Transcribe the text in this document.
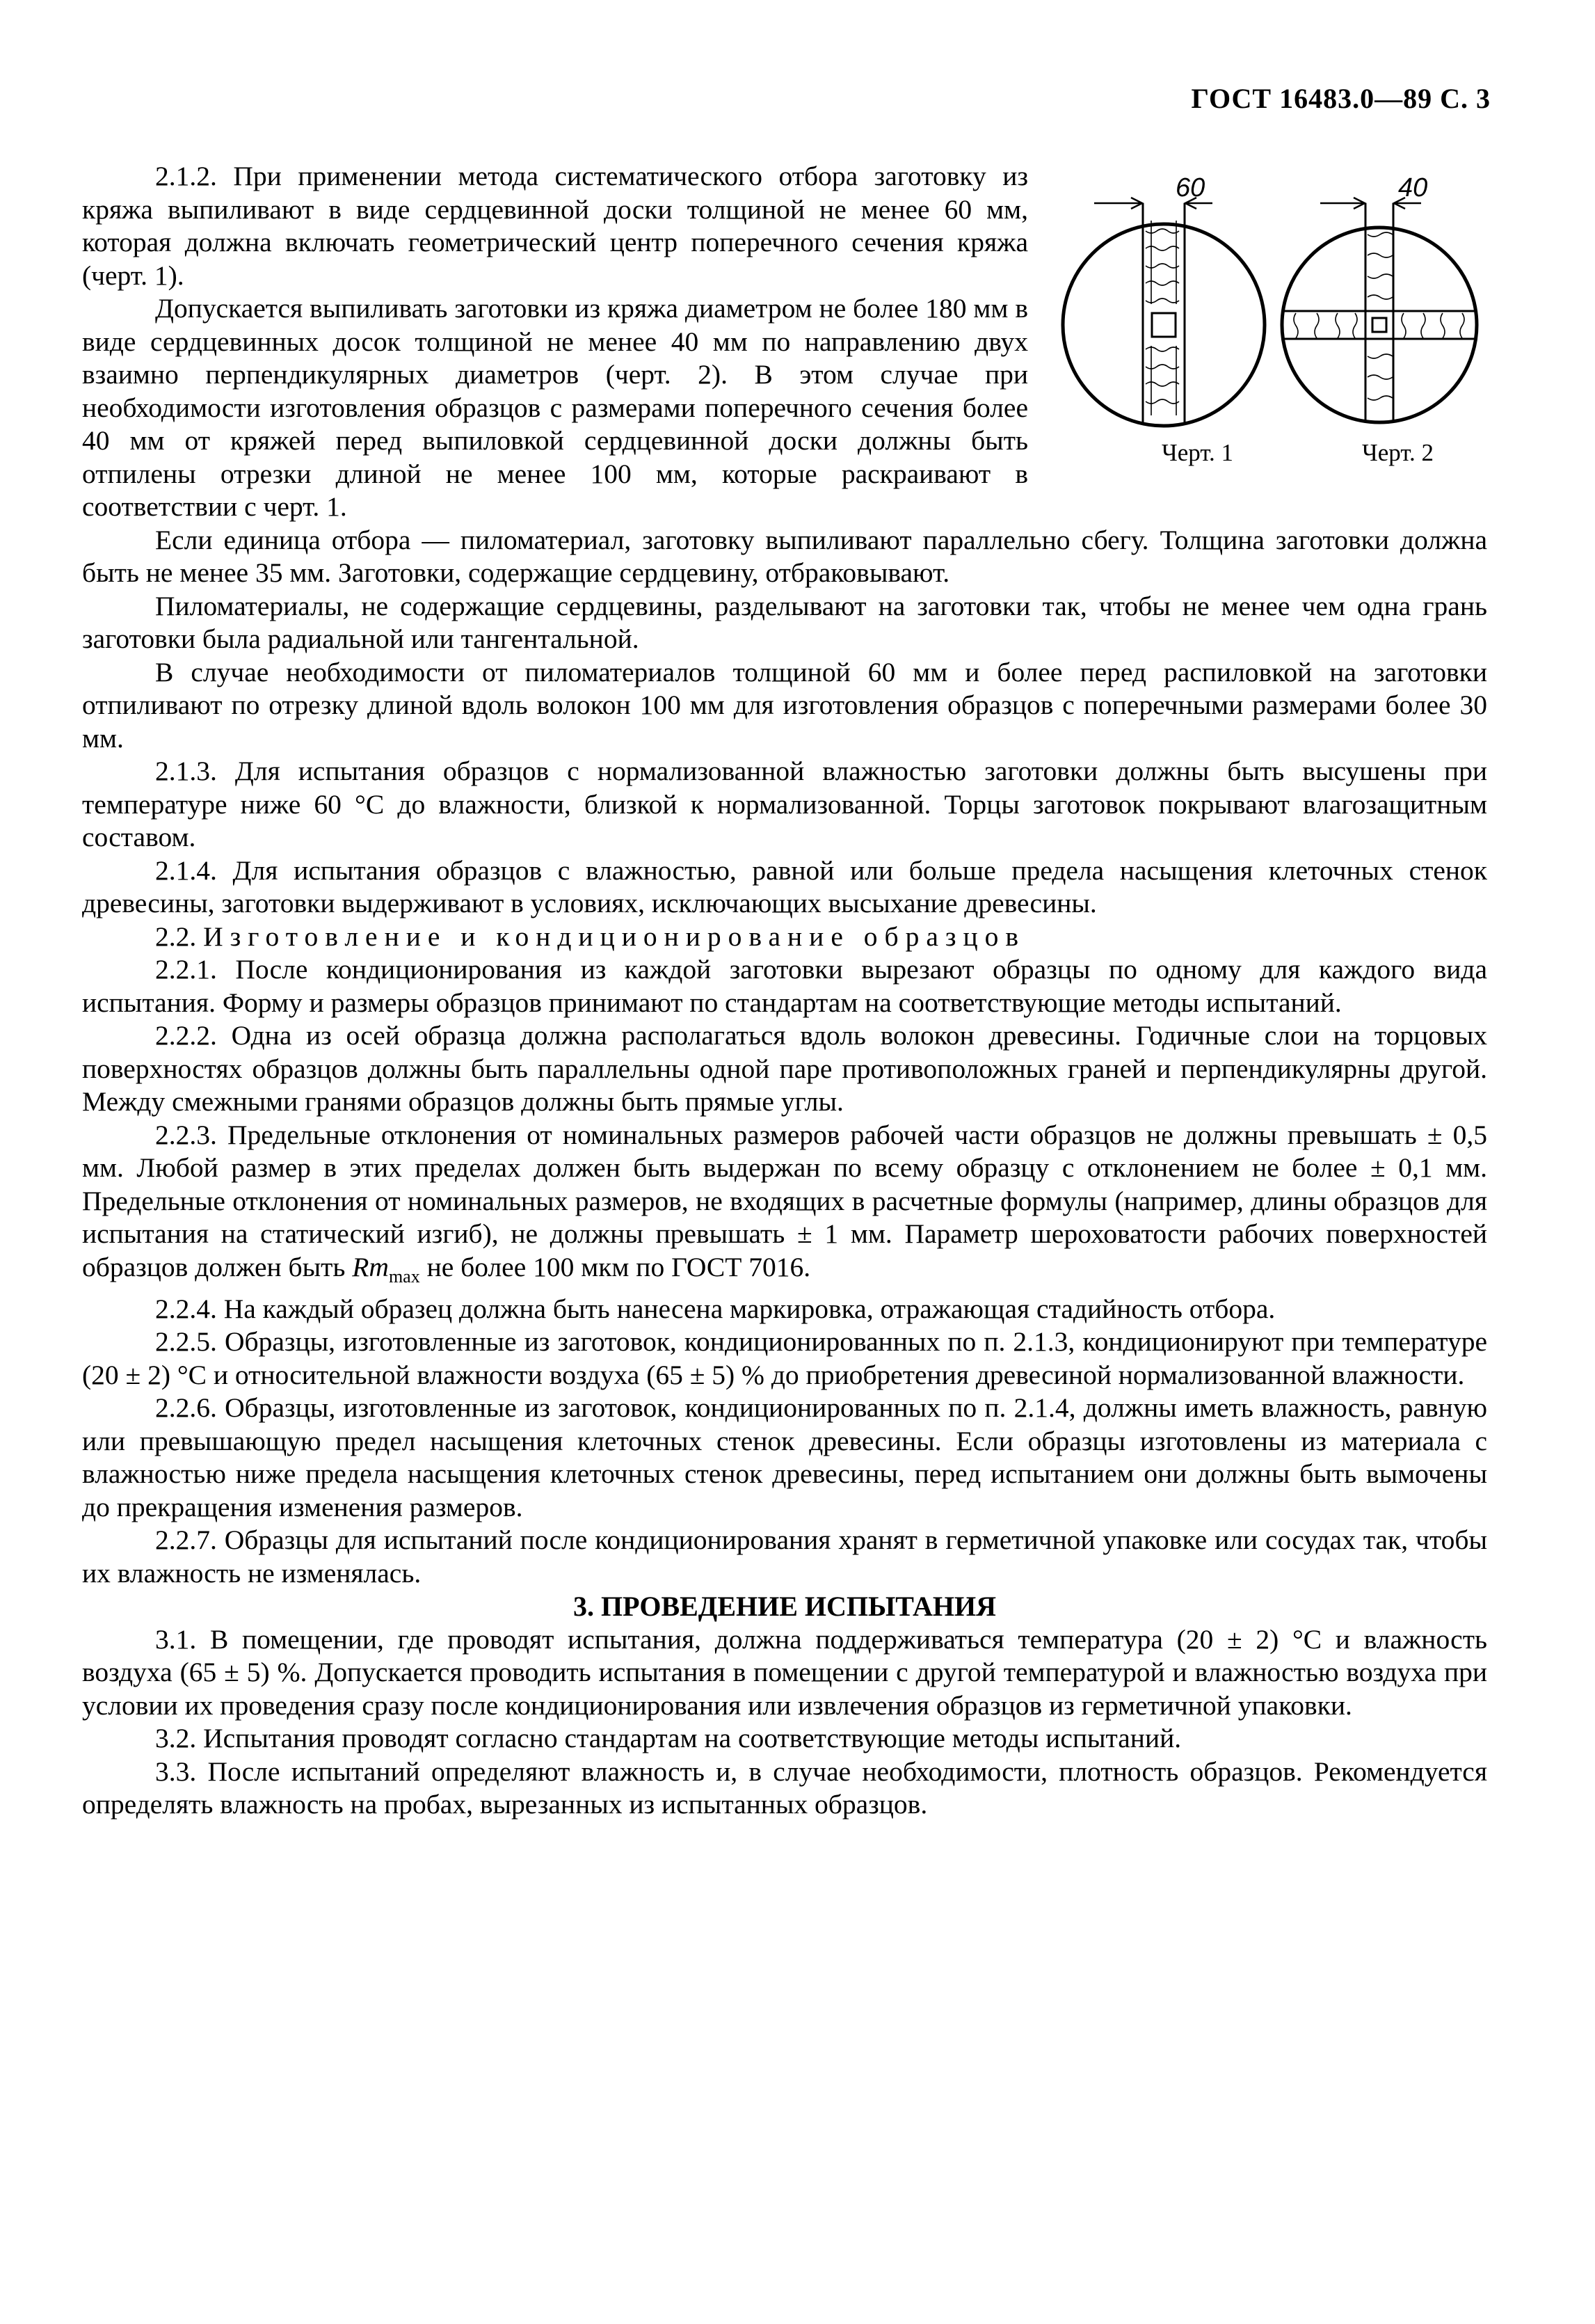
ГОСТ 16483.0—89 С. 3
60	40
Черт. 1	Черт. 2

2.1.2. При применении метода систематического отбора заготовку из кряжа выпиливают в виде сердцевинной доски толщиной не менее 60 мм, которая должна включать геометрический центр поперечного сечения кряжа (черт. 1).

Допускается выпиливать заготовки из кряжа диаметром не более 180 мм в виде сердцевинных досок толщиной не менее 40 мм по направлению двух взаимно перпендикулярных диаметров (черт. 2). В этом случае при необходимости изготовления образцов с размерами поперечного сечения более 40 мм от кряжей перед выпиловкой сердцевинной доски должны быть отпилены отрезки длиной не менее 100 мм, которые раскраивают в соответствии с черт. 1.

Если единица отбора — пиломатериал, заготовку выпиливают параллельно сбегу. Толщина заготовки должна быть не менее 35 мм. Заготовки, содержащие сердцевину, отбраковывают.

Пиломатериалы, не содержащие сердцевины, разделывают на заготовки так, чтобы не менее чем одна грань заготовки была радиальной или тангентальной.

В случае необходимости от пиломатериалов толщиной 60 мм и более перед распиловкой на заготовки отпиливают по отрезку длиной вдоль волокон 100 мм для изготовления образцов с поперечными размерами более 30 мм.

2.1.3. Для испытания образцов с нормализованной влажностью заготовки должны быть высушены при температуре ниже 60 °С до влажности, близкой к нормализованной. Торцы заготовок покрывают влагозащитным составом.

2.1.4. Для испытания образцов с влажностью, равной или больше предела насыщения клеточных стенок древесины, заготовки выдерживают в условиях, исключающих высыхание древесины.

2.2. Изготовление и кондиционирование образцов

2.2.1. После кондиционирования из каждой заготовки вырезают образцы по одному для каждого вида испытания. Форму и размеры образцов принимают по стандартам на соответствующие методы испытаний.

2.2.2. Одна из осей образца должна располагаться вдоль волокон древесины. Годичные слои на торцовых поверхностях образцов должны быть параллельны одной паре противоположных граней и перпендикулярны другой. Между смежными гранями образцов должны быть прямые углы.

2.2.3. Предельные отклонения от номинальных размеров рабочей части образцов не должны превышать ± 0,5 мм. Любой размер в этих пределах должен быть выдержан по всему образцу с отклонением не более ± 0,1 мм. Предельные отклонения от номинальных размеров, не входящих в расчетные формулы (например, длины образцов для испытания на статический изгиб), не должны превышать ± 1 мм. Параметр шероховатости рабочих поверхностей образцов должен быть $Rm_{max}$ не более 100 мкм по ГОСТ 7016.

2.2.4. На каждый образец должна быть нанесена маркировка, отражающая стадийность отбора.

2.2.5. Образцы, изготовленные из заготовок, кондиционированных по п. 2.1.3, кондиционируют при температуре (20 ± 2) °С и относительной влажности воздуха (65 ± 5) % до приобретения древесиной нормализованной влажности.

2.2.6. Образцы, изготовленные из заготовок, кондиционированных по п. 2.1.4, должны иметь влажность, равную или превышающую предел насыщения клеточных стенок древесины. Если образцы изготовлены из материала с влажностью ниже предела насыщения клеточных стенок древесины, перед испытанием они должны быть вымочены до прекращения изменения размеров.

2.2.7. Образцы для испытаний после кондиционирования хранят в герметичной упаковке или сосудах так, чтобы их влажность не изменялась.

3. ПРОВЕДЕНИЕ ИСПЫТАНИЯ

3.1. В помещении, где проводят испытания, должна поддерживаться температура (20 ± 2) °С и влажность воздуха (65 ± 5) %. Допускается проводить испытания в помещении с другой температурой и влажностью воздуха при условии их проведения сразу после кондиционирования или извлечения образцов из герметичной упаковки.

3.2. Испытания проводят согласно стандартам на соответствующие методы испытаний.

3.3. После испытаний определяют влажность и, в случае необходимости, плотность образцов. Рекомендуется определять влажность на пробах, вырезанных из испытанных образцов.
